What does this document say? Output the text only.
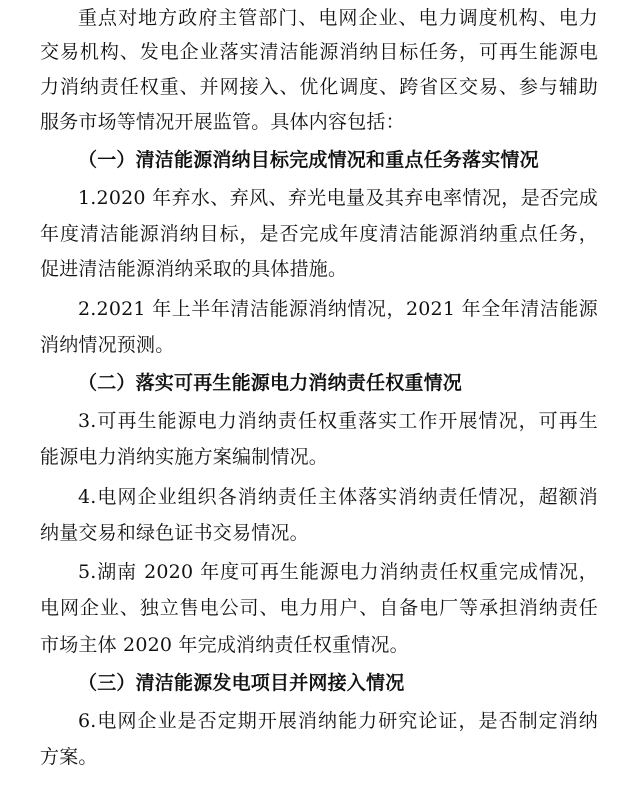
重点对地方政府主管部门、电网企业、电力调度机构、电力
交易机构、发电企业落实清洁能源消纳目标任务，可再生能源电
力消纳责任权重、并网接入、优化调度、跨省区交易、参与辅助
服务市场等情况开展监管。具体内容包括：
（一）清洁能源消纳目标完成情况和重点任务落实情况
1.2020 年弃水、弃风、弃光电量及其弃电率情况，是否完成
年度清洁能源消纳目标，是否完成年度清洁能源消纳重点任务，
促进清洁能源消纳采取的具体措施。
2.2021 年上半年清洁能源消纳情况，2021 年全年清洁能源
消纳情况预测。
（二）落实可再生能源电力消纳责任权重情况
3.可再生能源电力消纳责任权重落实工作开展情况，可再生
能源电力消纳实施方案编制情况。
4.电网企业组织各消纳责任主体落实消纳责任情况，超额消
纳量交易和绿色证书交易情况。
5.湖南 2020 年度可再生能源电力消纳责任权重完成情况，
电网企业、独立售电公司、电力用户、自备电厂等承担消纳责任
市场主体 2020 年完成消纳责任权重情况。
（三）清洁能源发电项目并网接入情况
6.电网企业是否定期开展消纳能力研究论证，是否制定消纳
方案。
